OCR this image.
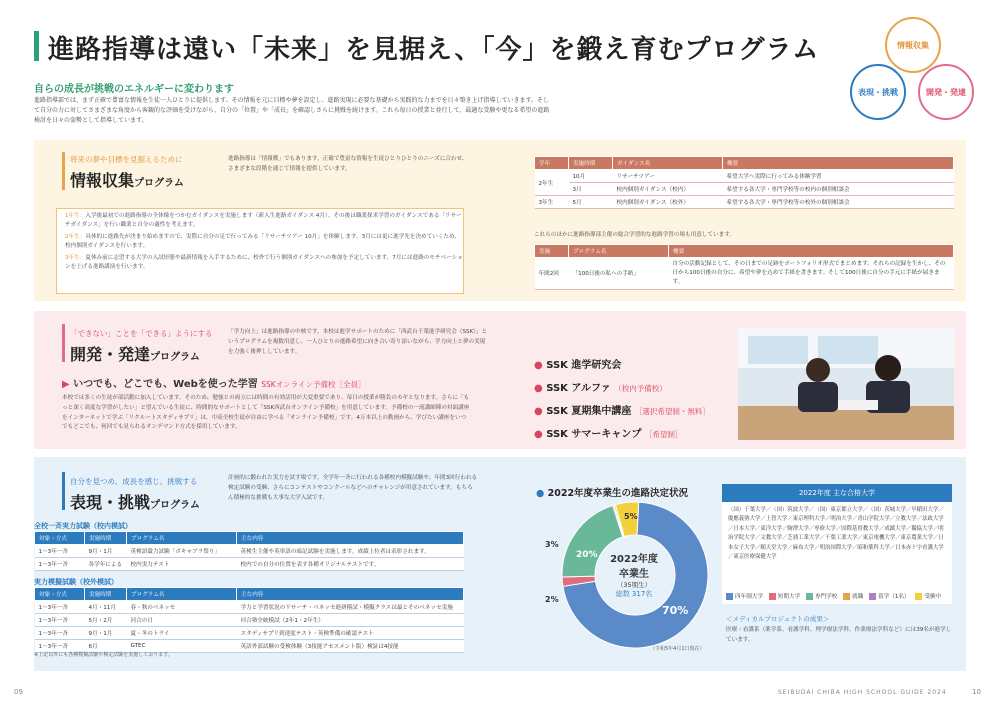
進路指導は遠い「未来」を見据え、「今」を鍛え育むプログラム	情報収集
表現・挑戦	開発・発達
自らの成長が挑戦のエネルギーに変わります
進路指導部では、まず正確で豊富な情報を生徒一人ひとりに提供します。その情報を元に目標や夢を設定し、進路実現に必要な基礎から実践的な力までを日々築き上げ指導していきます。そして自分の力に対してさまざまな角度から客観的な評価を受けながら、自分の「位置」や「成長」を確認しさらに挑戦を続けます。これら毎日の授業と並行して、最適な受験や更なる希望の進路検討を日々の姿勢として指導しています。
将来の夢や目標を見据えるために
情報収集プログラム
進路指導は「情報戦」でもあります。正確で豊富な情報を生徒ひとりひとりのニーズに合わせ、さまざまな段階を通じて情報を提供しています。
1年生：入学後最初での進路指導の全体像をつかむガイダンスを実施します（新入生進路ガイダンス 4月）。その後は職業探求学習のガイダンスである「リサーチガイダンス」を行い職業と自分の適性を考えます。
2年生：具体的に進路先が決まり始めますので、実際に自分の足で行ってみる「リサーチツアー 10月」を体験します。3月には更に進学先を決めていくため、校内個別ガイダンスを行います。
3年生：夏休み前に志望する大学の入試形態や最新情報を入手するために、校外で行う個別ガイダンスへの参加を予定しています。7月には進路のモチベーションを上げる進路講演を行います。
学年	実施時期	ガイダンス名	概要
2年生	10月	リサーチツアー	希望大学へ実際に行ってみる体験学習
	3月	校内個別ガイダンス（校内）	希望する各大学・専門学校等の校内の個別相談会
3年生	5月	校内個別ガイダンス（校外）	希望する各大学・専門学校等の校外の個別相談会
これらのほかに進路指導部主催の総合学習的な進路学習の場も用意しています。
実施	プログラム名	概要
年間2回	「100日後の私への手紙」	自分の活動記録として、その日までの足跡をポートフォリオ形式でまとめます。それらの記録を生かし、その日から100日後の自分に、希望や夢を込めて手紙を書きます。そして100日後に自分の手元に手紙が届きます。
「できない」ことを「できる」ようにする
開発・発達プログラム
「学力向上」は進路指導の中核です。本校は進学サポートのために「西武台千葉進学研究会（SSK）」というプログラムを複数用意し、一人ひとりの進路希望に向き合い寄り添いながら、学力向上と夢の実現を力強く後押ししています。
▶ いつでも、どこでも、Webを使った学習 SSKオンライン予備校［全員］
本校では多くの生徒が部活動に加入しています。そのため、勉強との両立には時間の有効活用が大変重要であり、毎日の授業が勝負のカギとなります。さらに「もっと深く高度な学習がしたい」と望んでいる生徒に、時間的なサポートとして「SSK西武台オンライン予備校」を用意しています。予備校の一流講師陣の対面講座をインターネットで学ぶ「リクルートスタディサプリ」は、中高全校生徒が自由に学べる「オンライン予備校」です。4万本以上の動画から、学びたい講座をいつでもどこでも、何回でも見られるオンデマンド方式を採用しています。
● SSK 進学研究会
● SSK アルファ （校内予備校）
● SSK 夏期集中講座 ［選択希望制・無料］
● SSK サマーキャンプ ［希望制］
自分を見つめ、成長を感じ、挑戦する
表現・挑戦プログラム
計画的に鍛われた実力を試す場です。全学年一斉に行われる各種校内模擬試験や、年間3回行われる検定試験の受験、さらにコンテストやコンクールなどへのチャレンジが用意されています。もちろん積極的な挑戦も大事な大学入試です。
全校一斉実力試験（校内模試）
対象・方式	実施時期	プログラム名	主な内容
1〜3年一斉	9月・1月	英検語彙力試験「ボキャブラ祭り」	英検生主催や英単語の暗記試験を実施します。成績上位者は表彰されます。
1〜3年一斉	各学年による	校内実力テスト	校内での自分の位置を表す各種オリジナルテストです。
実力模擬試験（校外模試）
対象・方式	実施時期	プログラム名	主な内容
1〜3年一斉	4月・11月	春・秋のベネッセ	学力と学習状況のリサーチ・ベネッセ進研模試・模擬クラスは最とそのベネッセ実施
1〜3年一斉	5月・2月	河合の日	河合塾全統模試（2年1・2年生）
1〜3年一斉	9月・1月	夏・冬のトライ	スタディサプリ到達度テスト・英検準備の確認テスト
1〜3年一斉	6月	GTEC	英語外部試験の受検体験（3技能アセスメント版）検証は4技能
※上記以外にも各種模擬試験や検定試験を実施しております。
● 2022年度卒業生の進路決定状況
2022年度
卒業生
（35期生）
総数 317名
3%
2%
20%
5%
70%
（令和5年4月1日現在）
2022年度 主な合格大学
（国）千葉大学／（国）筑波大学／（国）東京都立大学／（国）茨城大学／早稲田大学／慶應義塾大学／上智大学／東京理科大学／明治大学／青山学院大学／立教大学／法政大学／日本大学／東洋大学／駒澤大学／専修大学／国際基督教大学／成蹊大学／獨協大学／明治学院大学／文教大学／芝浦工業大学／千葉工業大学／東京電機大学／東京農業大学／日本女子大学／順天堂大学／麻布大学／明治国際大学／昭和薬科大学／日本赤十字看護大学／東京医療保健大学
四年制大学	短期大学	専門学校	就職	留学（1名）	受験中
＜メディカルプロジェクトの成果＞
医療・看護系（薬学系、看護学科、理学療法学科、作業療法学科など）には39名が進学しています。
09	SEIBUDAI CHIBA HIGH SCHOOL GUIDE 2024	10
